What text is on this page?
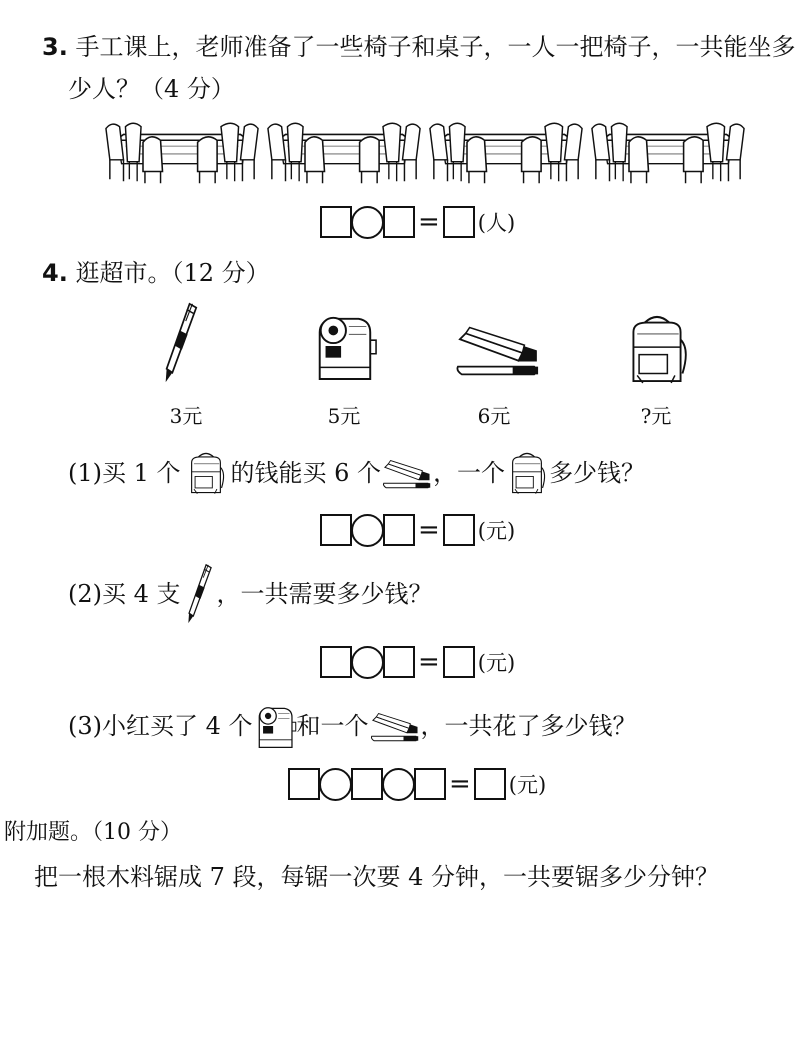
3. 手工课上，老师准备了一些椅子和桌子，一人一把椅子，一共能坐多
少人？（4 分）
= (人)
4. 逛超市。（12 分）
3元	5元	6元	?元
(1)买 1 个 的钱能买 6 个 ，一个 多少钱？
= (元)
(2)买 4 支 ，一共需要多少钱？
= (元)
(3)小红买了 4 个 和一个 ，一共花了多少钱？
= (元)
附加题。（10 分）
把一根木料锯成 7 段，每锯一次要 4 分钟，一共要锯多少分钟？
